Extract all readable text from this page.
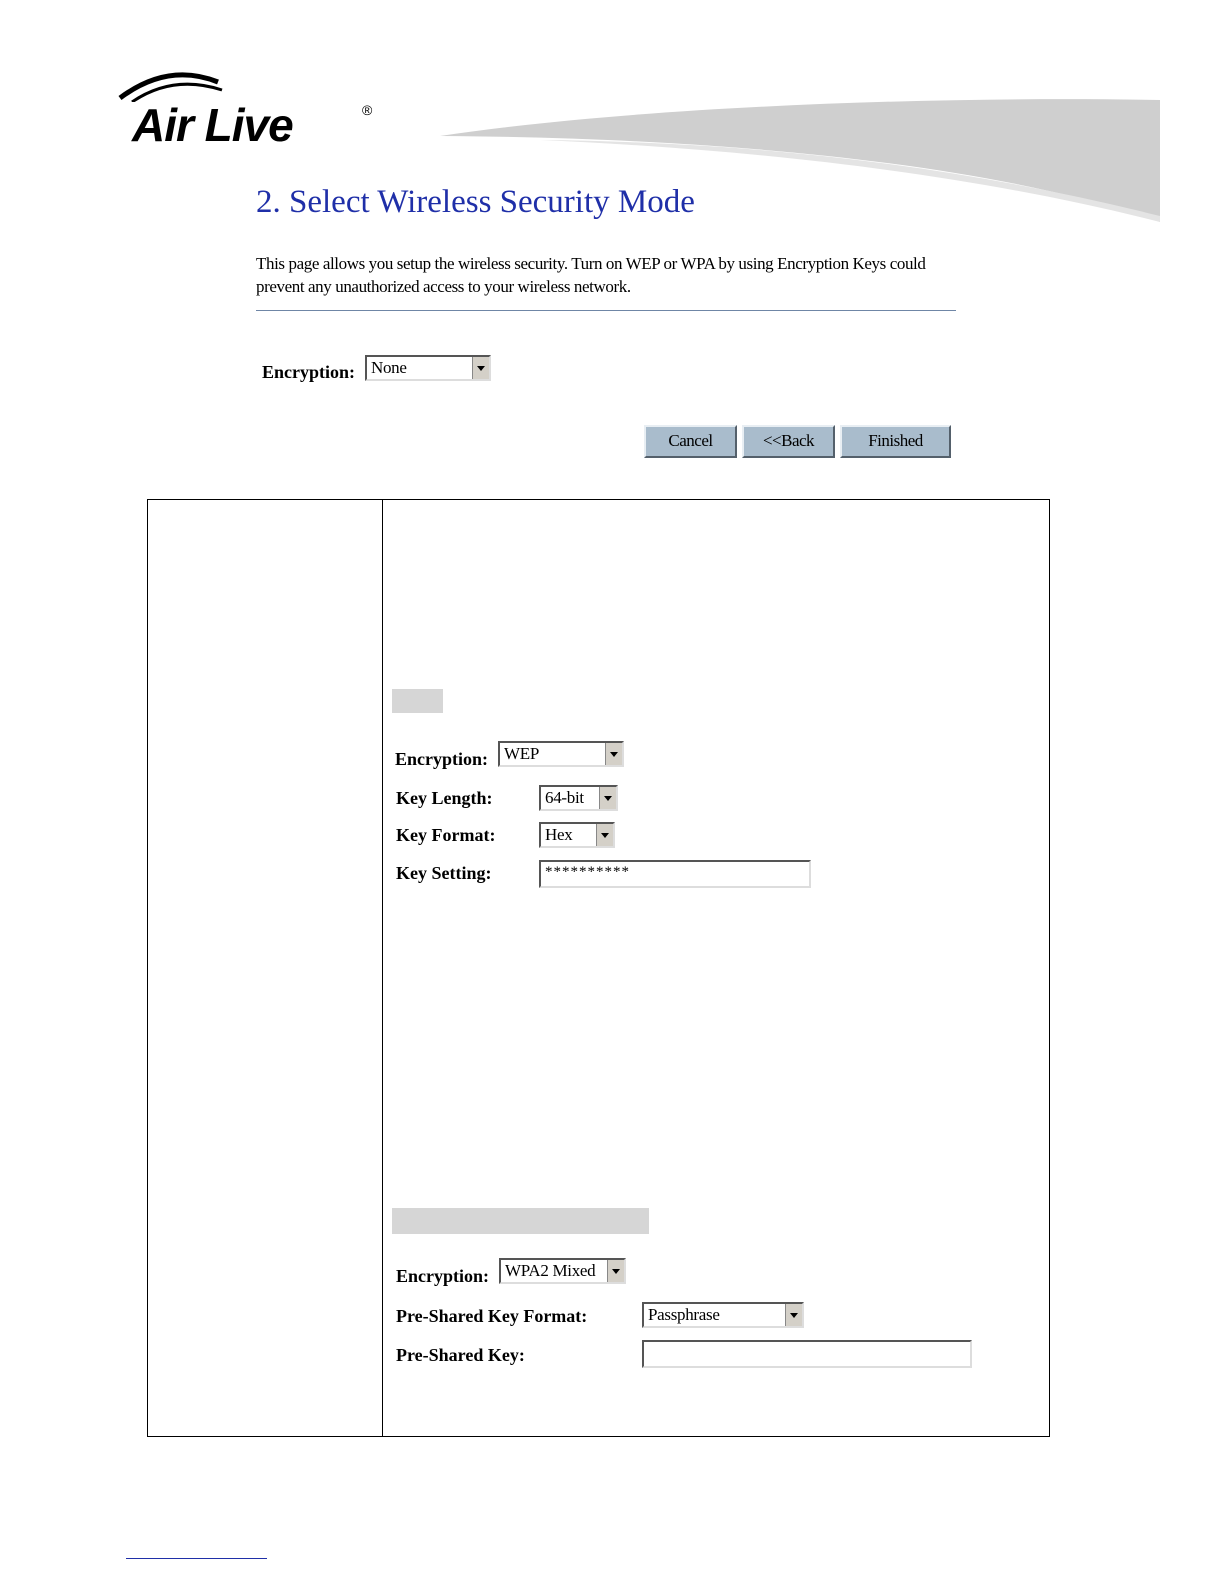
Air Live	®
2. Select Wireless Security Mode
This page allows you setup the wireless security. Turn on WEP or WPA by using Encryption Keys could prevent any unauthorized access to your wireless network.
Encryption: None
Cancel	<<Back	Finished
Encryption: WEP
Key Length:	64-bit
Key Format:	Hex
Key Setting:	**********
Encryption: WPA2 Mixed
Pre-Shared Key Format:	Passphrase
Pre-Shared Key:
